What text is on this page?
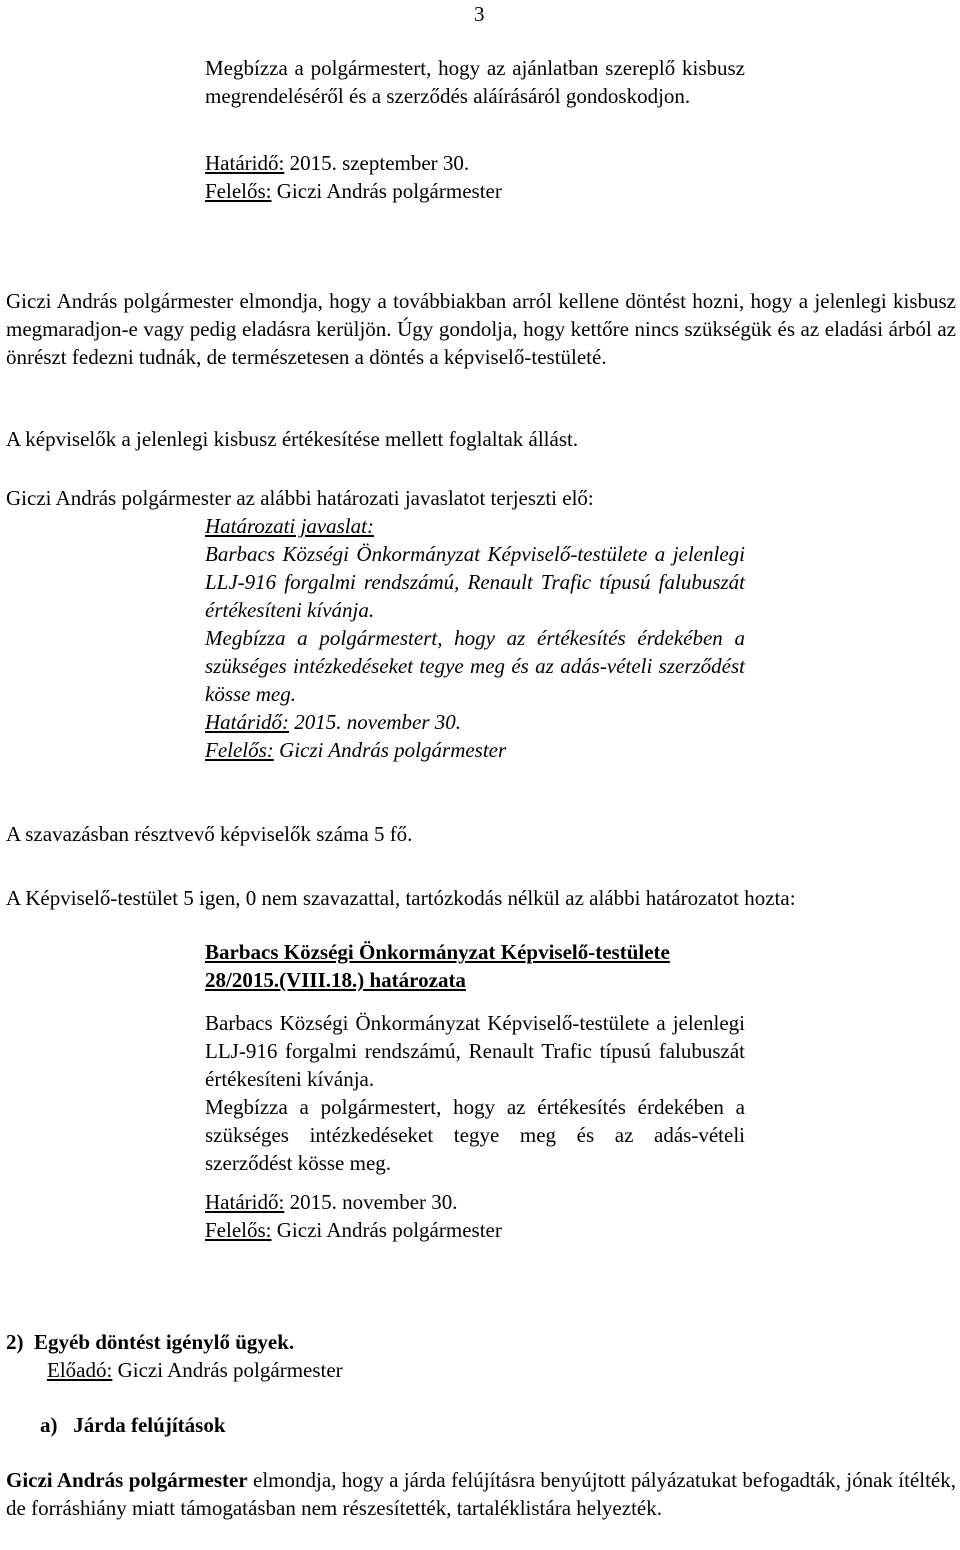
3

Megbízza a polgármestert, hogy az ajánlatban szereplő kisbusz megrendeléséről és a szerződés aláírásáról gondoskodjon.

Határidő: 2015. szeptember 30.

Felelős: Giczi András polgármester

Giczi András polgármester elmondja, hogy a továbbiakban arról kellene döntést hozni, hogy a jelenlegi kisbusz megmaradjon-e vagy pedig eladásra kerüljön. Úgy gondolja, hogy kettőre nincs szükségük és az eladási árból az önrészt fedezni tudnák, de természetesen a döntés a képviselő-testületé.

A képviselők a jelenlegi kisbusz értékesítése mellett foglaltak állást.

Giczi András polgármester az alábbi határozati javaslatot terjeszti elő:

Határozati javaslat:

Barbacs Községi Önkormányzat Képviselő-testülete a jelenlegi LLJ-916 forgalmi rendszámú, Renault Trafic típusú falubuszát értékesíteni kívánja.

Megbízza a polgármestert, hogy az értékesítés érdekében a szükséges intézkedéseket tegye meg és az adás-vételi szerződést kösse meg.

Határidő: 2015. november 30.

Felelős: Giczi András polgármester

A szavazásban résztvevő képviselők száma 5 fő.

A Képviselő-testület 5 igen, 0 nem szavazattal, tartózkodás nélkül az alábbi határozatot hozta:

Barbacs Községi Önkormányzat Képviselő-testülete

28/2015.(VIII.18.) határozata

Barbacs Községi Önkormányzat Képviselő-testülete a jelenlegi LLJ-916 forgalmi rendszámú, Renault Trafic típusú falubuszát értékesíteni kívánja.

Megbízza a polgármestert, hogy az értékesítés érdekében a szükséges intézkedéseket tegye meg és az adás-vételi szerződést kösse meg.

Határidő: 2015. november 30.

Felelős: Giczi András polgármester

2)  Egyéb döntést igénylő ügyek.

Előadó: Giczi András polgármester

a)   Járda felújítások

Giczi András polgármester elmondja, hogy a járda felújításra benyújtott pályázatukat befogadták, jónak ítélték, de forráshiány miatt támogatásban nem részesítették, tartaléklistára helyezték.
